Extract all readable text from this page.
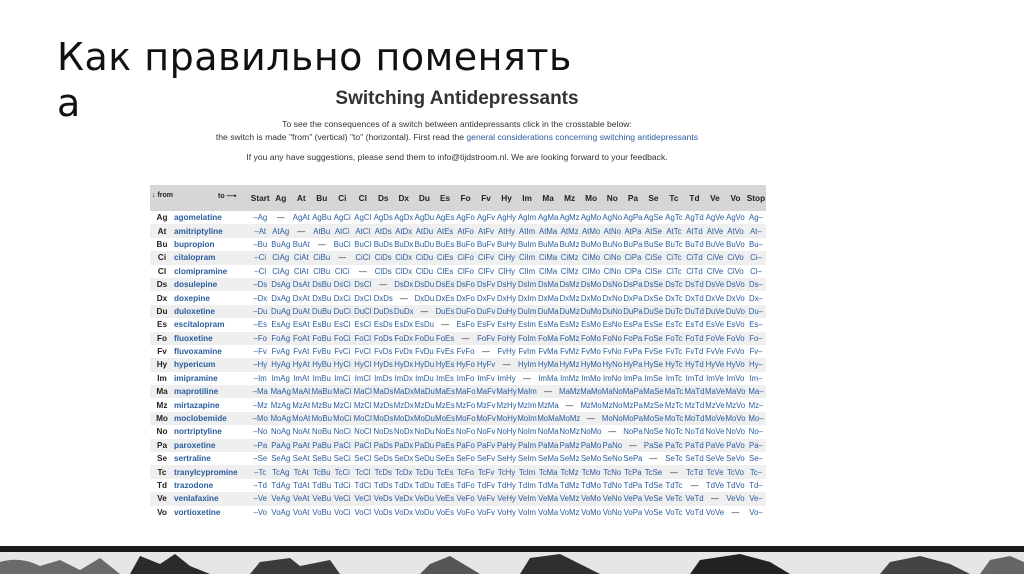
Как правильно поменять
а	Switching Antidepressants

To see the consequences of a switch between antidepressants click in the crosstable below:

the switch is made "from" (vertical) "to" (horizontal). First read the general considerations concerning switching antidepressants

If you any have suggestions, please send them to info@tijdstroom.nl. We are looking forward to your feedback.

↓ from to ⟶		Start	Ag	At	Bu	Ci	Cl	Ds	Dx	Du	Es	Fo	Fv	Hy	Im	Ma	Mz	Mo	No	Pa	Se	Tc	Td	Ve	Vo	Stop
Ag	agomelatine	–Ag	—	AgAt	AgBu	AgCi	AgCl	AgDs	AgDx	AgDu	AgEs	AgFo	AgFv	AgHy	AgIm	AgMa	AgMz	AgMo	AgNo	AgPa	AgSe	AgTc	AgTd	AgVe	AgVo	Ag–
At	amitriptyline	–At	AtAg	—	AtBu	AtCi	AtCl	AtDs	AtDx	AtDu	AtEs	AtFo	AtFv	AtHy	AtIm	AtMa	AtMz	AtMo	AtNo	AtPa	AtSe	AtTc	AtTd	AtVe	AtVo	At–
Bu	bupropion	–Bu	BuAg	BuAt	—	BuCi	BuCl	BuDs	BuDx	BuDu	BuEs	BuFo	BuFv	BuHy	BuIm	BuMa	BuMz	BuMo	BuNo	BuPa	BuSe	BuTc	BuTd	BuVe	BuVo	Bu–
Ci	citalopram	–Ci	CiAg	CiAt	CiBu	—	CiCl	CiDs	CiDx	CiDu	CiEs	CiFo	CiFv	CiHy	CiIm	CiMa	CiMz	CiMo	CiNo	CiPa	CiSe	CiTc	CiTd	CiVe	CiVo	Ci–
Cl	clomipramine	–Cl	ClAg	ClAt	ClBu	ClCi	—	ClDs	ClDx	ClDu	ClEs	ClFo	ClFv	ClHy	ClIm	ClMa	ClMz	ClMo	ClNo	ClPa	ClSe	ClTc	ClTd	ClVe	ClVo	Cl–
Ds	dosulepine	–Ds	DsAg	DsAt	DsBu	DsCi	DsCl	—	DsDx	DsDu	DsEs	DsFo	DsFv	DsHy	DsIm	DsMa	DsMz	DsMo	DsNo	DsPa	DsSe	DsTc	DsTd	DsVe	DsVo	Ds–
Dx	doxepine	–Dx	DxAg	DxAt	DxBu	DxCi	DxCl	DxDs	—	DxDu	DxEs	DxFo	DxFv	DxHy	DxIm	DxMa	DxMz	DxMo	DxNo	DxPa	DxSe	DxTc	DxTd	DxVe	DxVo	Dx–
Du	duloxetine	–Du	DuAg	DuAt	DuBu	DuCi	DuCl	DuDs	DuDx	—	DuEs	DuFo	DuFv	DuHy	DuIm	DuMa	DuMz	DuMo	DuNo	DuPa	DuSe	DuTc	DuTd	DuVe	DuVo	Du–
Es	escitalopram	–Es	EsAg	EsAt	EsBu	EsCi	EsCl	EsDs	EsDx	EsDu	—	EsFo	EsFv	EsHy	EsIm	EsMa	EsMz	EsMo	EsNo	EsPa	EsSe	EsTc	EsTd	EsVe	EsVo	Es–
Fo	fluoxetine	–Fo	FoAg	FoAt	FoBu	FoCi	FoCl	FoDs	FoDx	FoDu	FoEs	—	FoFv	FoHy	FoIm	FoMa	FoMz	FoMo	FoNo	FoPa	FoSe	FoTc	FoTd	FoVe	FoVo	Fo–
Fv	fluvoxamine	–Fv	FvAg	FvAt	FvBu	FvCi	FvCl	FvDs	FvDx	FvDu	FvEs	FvFo	—	FvHy	FvIm	FvMa	FvMz	FvMo	FvNo	FvPa	FvSe	FvTc	FvTd	FvVe	FvVo	Fv–
Hy	hypericum	–Hy	HyAg	HyAt	HyBu	HyCi	HyCl	HyDs	HyDx	HyDu	HyEs	HyFo	HyFv	—	HyIm	HyMa	HyMz	HyMo	HyNo	HyPa	HySe	HyTc	HyTd	HyVe	HyVo	Hy–
Im	imipramine	–Im	ImAg	ImAt	ImBu	ImCi	ImCl	ImDs	ImDx	ImDu	ImEs	ImFo	ImFv	ImHy	—	ImMa	ImMz	ImMo	ImNo	ImPa	ImSe	ImTc	ImTd	ImVe	ImVo	Im–
Ma	maprotiline	–Ma	MaAg	MaAt	MaBu	MaCi	MaCl	MaDs	MaDx	MaDu	MaEs	MaFo	MaFv	MaHy	MaIm	—	MaMz	MaMo	MaNo	MaPa	MaSe	MaTc	MaTd	MaVe	MaVo	Ma–
Mz	mirtazapine	–Mz	MzAg	MzAt	MzBu	MzCi	MzCl	MzDs	MzDx	MzDu	MzEs	MzFo	MzFv	MzHy	MzIm	MzMa	—	MzMo	MzNo	MzPa	MzSe	MzTc	MzTd	MzVe	MzVo	Mz–
Mo	moclobemide	–Mo	MoAg	MoAt	MoBu	MoCi	MoCl	MoDs	MoDx	MoDu	MoEs	MoFo	MoFv	MoHy	MoIm	MoMa	MoMz	—	MoNo	MoPa	MoSe	MoTc	MoTd	MoVe	MoVo	Mo–
No	nortriptyline	–No	NoAg	NoAt	NoBu	NoCi	NoCl	NoDs	NoDx	NoDu	NoEs	NoFo	NoFv	NoHy	NoIm	NoMa	NoMz	NoMo	—	NoPa	NoSe	NoTc	NoTd	NoVe	NoVo	No–
Pa	paroxetine	–Pa	PaAg	PaAt	PaBu	PaCi	PaCl	PaDs	PaDx	PaDu	PaEs	PaFo	PaFv	PaHy	PaIm	PaMa	PaMz	PaMo	PaNo	—	PaSe	PaTc	PaTd	PaVe	PaVo	Pa–
Se	sertraline	–Se	SeAg	SeAt	SeBu	SeCi	SeCl	SeDs	SeDx	SeDu	SeEs	SeFo	SeFv	SeHy	SeIm	SeMa	SeMz	SeMo	SeNo	SePa	—	SeTc	SeTd	SeVe	SeVo	Se–
Tc	tranylcypromine	–Tc	TcAg	TcAt	TcBu	TcCi	TcCl	TcDs	TcDx	TcDu	TcEs	TcFo	TcFv	TcHy	TcIm	TcMa	TcMz	TcMo	TcNo	TcPa	TcSe	—	TcTd	TcVe	TcVo	Tc–
Td	trazodone	–Td	TdAg	TdAt	TdBu	TdCi	TdCl	TdDs	TdDx	TdDu	TdEs	TdFo	TdFv	TdHy	TdIm	TdMa	TdMz	TdMo	TdNo	TdPa	TdSe	TdTc	—	TdVe	TdVo	Td–
Ve	venlafaxine	–Ve	VeAg	VeAt	VeBu	VeCi	VeCl	VeDs	VeDx	VeDu	VeEs	VeFo	VeFv	VeHy	VeIm	VeMa	VeMz	VeMo	VeNo	VePa	VeSe	VeTc	VeTd	—	VeVo	Ve–
Vo	vortioxetine	–Vo	VoAg	VoAt	VoBu	VoCi	VoCl	VoDs	VoDx	VoDu	VoEs	VoFo	VoFv	VoHy	VoIm	VoMa	VoMz	VoMo	VoNo	VoPa	VoSe	VoTc	VoTd	VoVe	—	Vo–
